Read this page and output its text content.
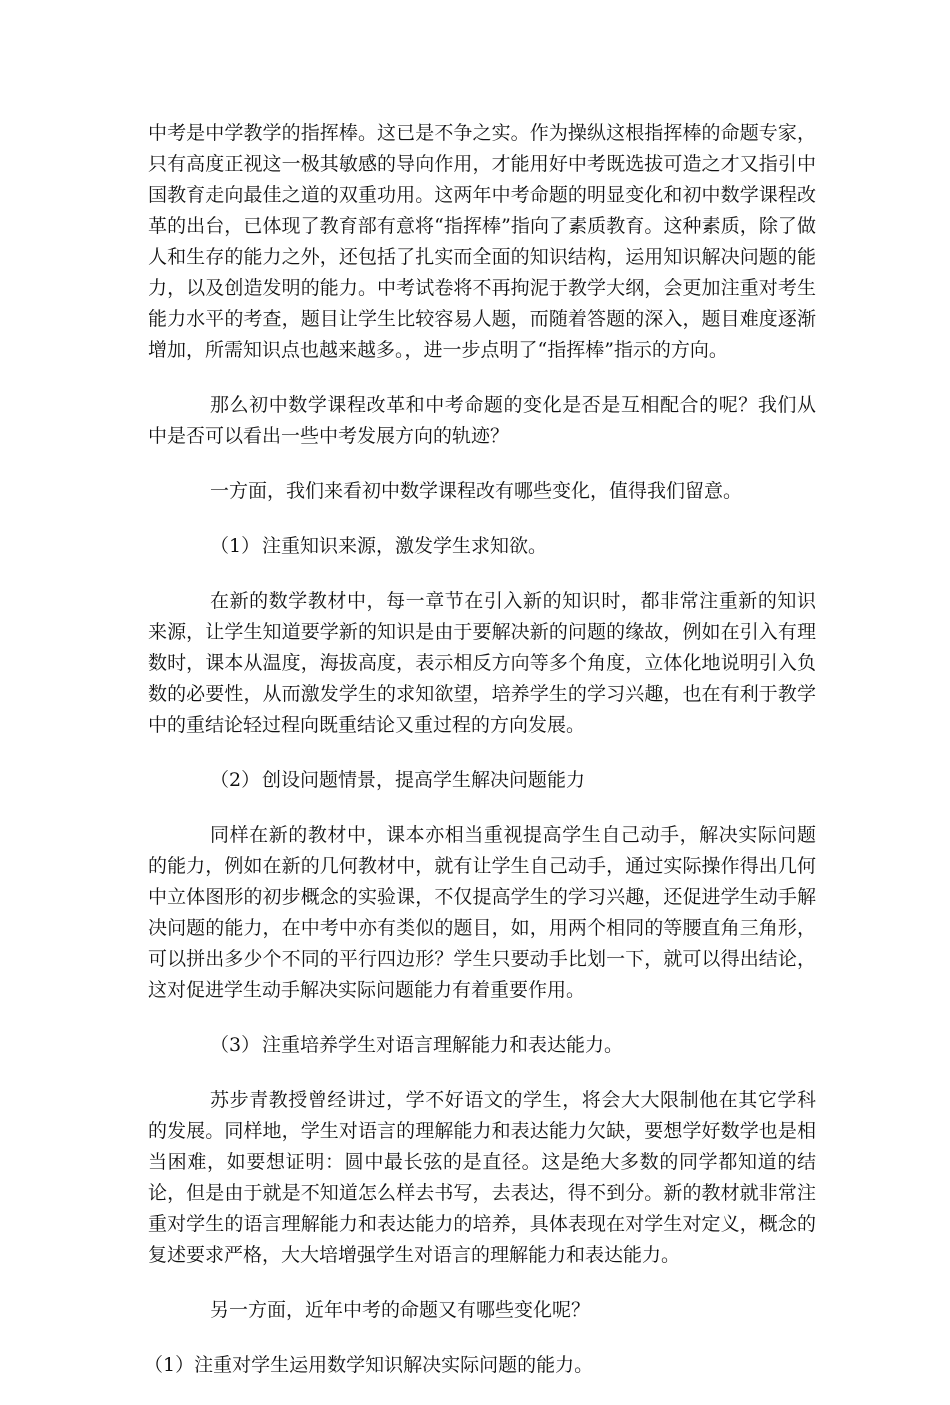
中考是中学教学的指挥棒。这已是不争之实。作为操纵这根指挥棒的命题专家，只有高度正视这一极其敏感的导向作用，才能用好中考既选拔可造之才又指引中国教育走向最佳之道的双重功用。这两年中考命题的明显变化和初中数学课程改革的出台，已体现了教育部有意将“指挥棒”指向了素质教育。这种素质，除了做人和生存的能力之外，还包括了扎实而全面的知识结构，运用知识解决问题的能力，以及创造发明的能力。中考试卷将不再拘泥于教学大纲，会更加注重对考生能力水平的考查，题目让学生比较容易人题，而随着答题的深入，题目难度逐渐增加，所需知识点也越来越多。，进一步点明了“指挥棒”指示的方向。

那么初中数学课程改革和中考命题的变化是否是互相配合的呢？我们从中是否可以看出一些中考发展方向的轨迹？

一方面，我们来看初中数学课程改有哪些变化，值得我们留意。

（1） 注重知识来源，激发学生求知欲。

在新的数学教材中，每一章节在引入新的知识时，都非常注重新的知识来源，让学生知道要学新的知识是由于要解决新的问题的缘故，例如在引入有理数时，课本从温度，海拔高度，表示相反方向等多个角度，立体化地说明引入负数的必要性，从而激发学生的求知欲望，培养学生的学习兴趣，也在有利于教学中的重结论轻过程向既重结论又重过程的方向发展。

（2） 创设问题情景，提高学生解决问题能力

同样在新的教材中，课本亦相当重视提高学生自己动手，解决实际问题的能力，例如在新的几何教材中，就有让学生自己动手，通过实际操作得出几何中立体图形的初步概念的实验课，不仅提高学生的学习兴趣，还促进学生动手解决问题的能力，在中考中亦有类似的题目，如，用两个相同的等腰直角三角形，可以拼出多少个不同的平行四边形？学生只要动手比划一下，就可以得出结论，这对促进学生动手解决实际问题能力有着重要作用。

（3） 注重培养学生对语言理解能力和表达能力。

苏步青教授曾经讲过，学不好语文的学生，将会大大限制他在其它学科的发展。同样地，学生对语言的理解能力和表达能力欠缺，要想学好数学也是相当困难，如要想证明：圆中最长弦的是直径。这是绝大多数的同学都知道的结论，但是由于就是不知道怎么样去书写，去表达，得不到分。新的教材就非常注重对学生的语言理解能力和表达能力的培养，具体表现在对学生对定义，概念的复述要求严格，大大培增强学生对语言的理解能力和表达能力。

另一方面，近年中考的命题又有哪些变化呢？

（1）注重对学生运用数学知识解决实际问题的能力。
